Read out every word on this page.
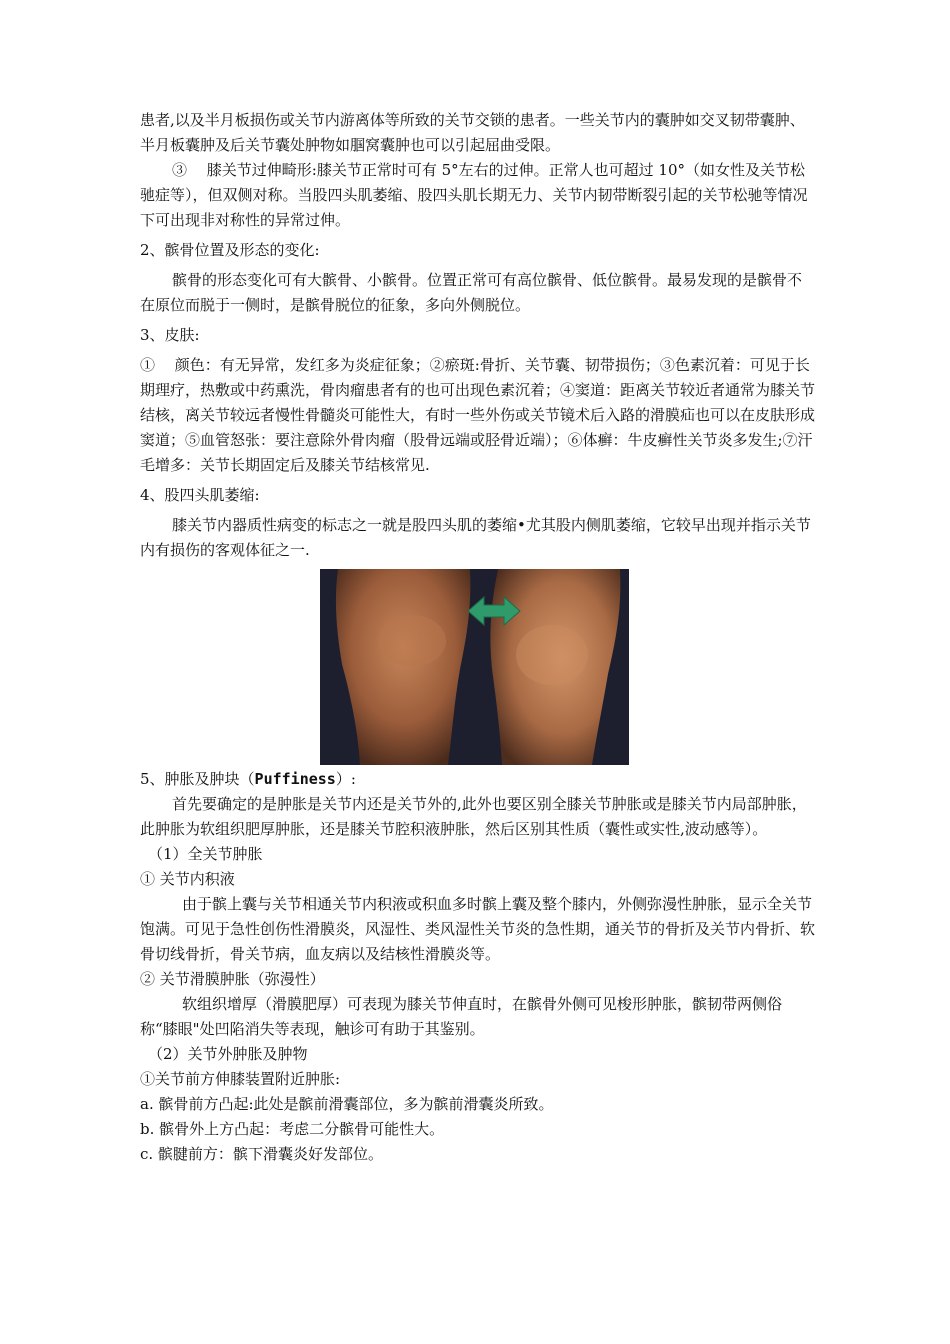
患者,以及半月板损伤或关节内游离体等所致的关节交锁的患者。一些关节内的囊肿如交叉韧带囊肿、半月板囊肿及后关节囊处肿物如腘窝囊肿也可以引起屈曲受限。

③　 膝关节过伸畸形:膝关节正常时可有 5°左右的过伸。正常人也可超过 10°（如女性及关节松驰症等），但双侧对称。当股四头肌萎缩、股四头肌长期无力、关节内韧带断裂引起的关节松驰等情况下可出现非对称性的异常过伸。

2、髌骨位置及形态的变化:

髌骨的形态变化可有大髌骨、小髌骨。位置正常可有高位髌骨、低位髌骨。最易发现的是髌骨不在原位而脱于一侧时，是髌骨脱位的征象，多向外侧脱位。

3、皮肤:

①　 颜色：有无异常，发红多为炎症征象；②瘀斑:骨折、关节囊、韧带损伤；③色素沉着：可见于长期理疗，热敷或中药熏洗，骨肉瘤患者有的也可出现色素沉着；④窦道：距离关节较近者通常为膝关节结核，离关节较远者慢性骨髓炎可能性大，有时一些外伤或关节镜术后入路的滑膜疝也可以在皮肤形成窦道；⑤血管怒张：要注意除外骨肉瘤（股骨远端或胫骨近端）；⑥体癣：牛皮癣性关节炎多发生;⑦汗毛增多：关节长期固定后及膝关节结核常见.

4、股四头肌萎缩:

膝关节内器质性病变的标志之一就是股四头肌的萎缩•尤其股内侧肌萎缩，它较早出现并指示关节内有损伤的客观体征之一.

5、肿胀及肿块（Puffiness）:

首先要确定的是肿胀是关节内还是关节外的,此外也要区别全膝关节肿胀或是膝关节内局部肿胀，此肿胀为软组织肥厚肿胀，还是膝关节腔积液肿胀，然后区别其性质（囊性或实性,波动感等）。

（1）全关节肿胀

① 关节内积液

由于髌上囊与关节相通关节内积液或积血多时髌上囊及整个膝内，外侧弥漫性肿胀，显示全关节饱满。可见于急性创伤性滑膜炎，风湿性、类风湿性关节炎的急性期，通关节的骨折及关节内骨折、软骨切线骨折，骨关节病，血友病以及结核性滑膜炎等。

② 关节滑膜肿胀（弥漫性）

软组织增厚（滑膜肥厚）可表现为膝关节伸直时，在髌骨外侧可见梭形肿胀，髌韧带两侧俗称“膝眼"处凹陷消失等表现，触诊可有助于其鉴别。

（2）关节外肿胀及肿物

①关节前方伸膝装置附近肿胀:

a. 髌骨前方凸起:此处是髌前滑囊部位，多为髌前滑囊炎所致。

b. 髌骨外上方凸起：考虑二分髌骨可能性大。

c. 髌腱前方：髌下滑囊炎好发部位。
